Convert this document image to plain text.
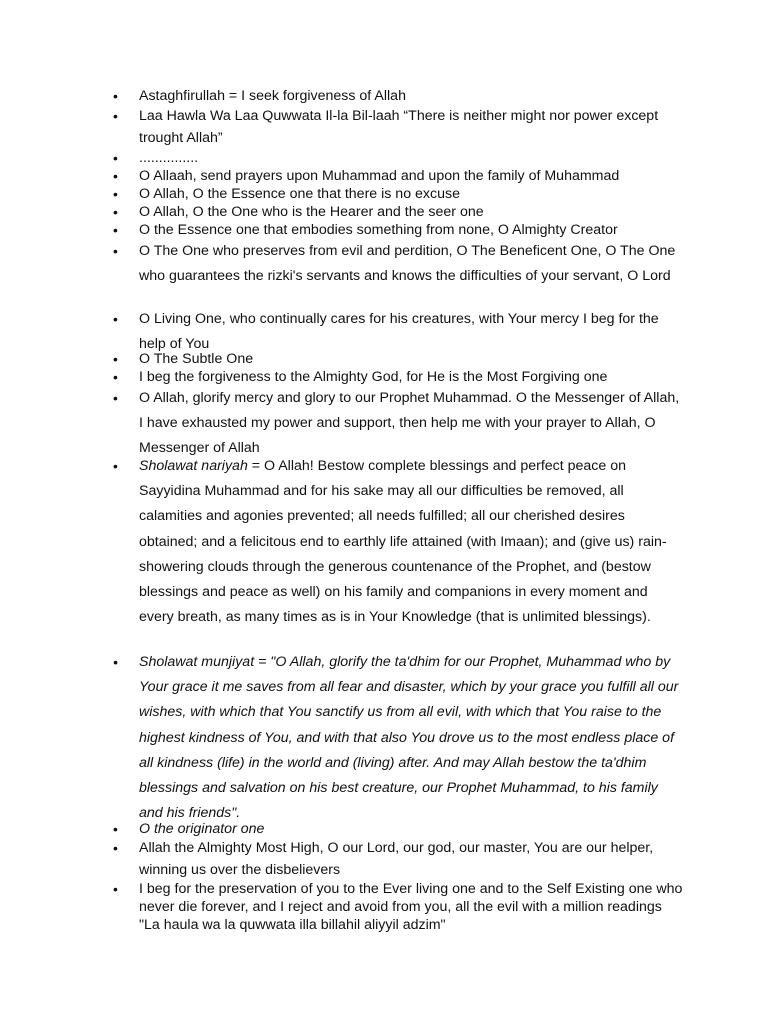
• Astaghfirullah = I seek forgiveness of Allah
• Laa Hawla Wa Laa Quwwata Il-la Bil-laah “There is neither might nor power except trought Allah”
• ...............
• O Allaah, send prayers upon Muhammad and upon the family of Muhammad
• O Allah, O the Essence one that there is no excuse
• O Allah, O the One who is the Hearer and the seer one
• O the Essence one that embodies something from none, O Almighty Creator
• O The One who preserves from evil and perdition, O The Beneficent One, O The One who guarantees the rizki's servants and knows the difficulties of your servant, O Lord
• O Living One, who continually cares for his creatures, with Your mercy I beg for the help of You
• O The Subtle One
• I beg the forgiveness to the Almighty God, for He is the Most Forgiving one
• O Allah, glorify mercy and glory to our Prophet Muhammad. O the Messenger of Allah, I have exhausted my power and support, then help me with your prayer to Allah, O Messenger of Allah
• Sholawat nariyah = O Allah! Bestow complete blessings and perfect peace on Sayyidina Muhammad and for his sake may all our difficulties be removed, all calamities and agonies prevented; all needs fulfilled; all our cherished desires obtained; and a felicitous end to earthly life attained (with Imaan); and (give us) rain-showering clouds through the generous countenance of the Prophet, and (bestow blessings and peace as well) on his family and companions in every moment and every breath, as many times as is in Your Knowledge (that is unlimited blessings).
• Sholawat munjiyat = "O Allah, glorify the ta'dhim for our Prophet, Muhammad who by Your grace it me saves from all fear and disaster, which by your grace you fulfill all our wishes, with which that You sanctify us from all evil, with which that You raise to the highest kindness of You, and with that also You drove us to the most endless place of all kindness (life) in the world and (living) after. And may Allah bestow the ta'dhim blessings and salvation on his best creature, our Prophet Muhammad, to his family and his friends".
• O the originator one
• Allah the Almighty Most High, O our Lord, our god, our master, You are our helper, winning us over the disbelievers
• I beg for the preservation of you to the Ever living one and to the Self Existing one who never die forever, and I reject and avoid from you, all the evil with a million readings "La haula wa la quwwata illa billahil aliyyil adzim"
